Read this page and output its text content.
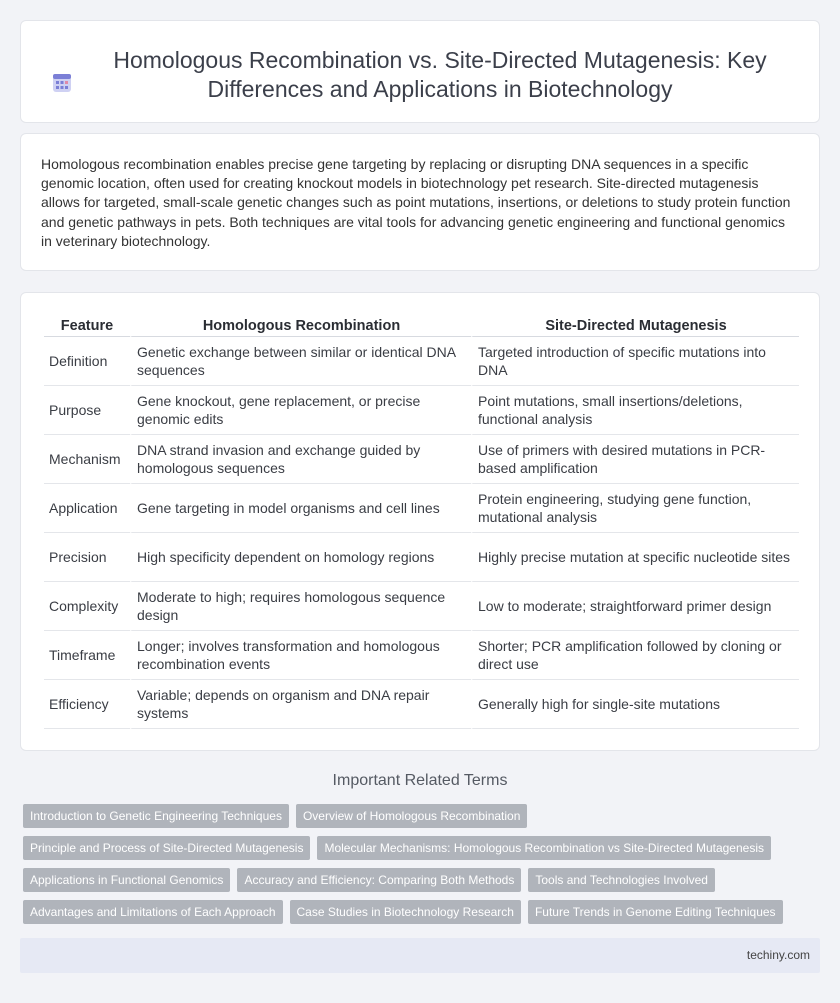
Homologous Recombination vs. Site-Directed Mutagenesis: Key Differences and Applications in Biotechnology

Homologous recombination enables precise gene targeting by replacing or disrupting DNA sequences in a specific genomic location, often used for creating knockout models in biotechnology pet research. Site-directed mutagenesis allows for targeted, small-scale genetic changes such as point mutations, insertions, or deletions to study protein function and genetic pathways in pets. Both techniques are vital tools for advancing genetic engineering and functional genomics in veterinary biotechnology.

Feature	Homologous Recombination	Site-Directed Mutagenesis
Definition	Genetic exchange between similar or identical DNA sequences	Targeted introduction of specific mutations into DNA
Purpose	Gene knockout, gene replacement, or precise genomic edits	Point mutations, small insertions/deletions, functional analysis
Mechanism	DNA strand invasion and exchange guided by homologous sequences	Use of primers with desired mutations in PCR-based amplification
Application	Gene targeting in model organisms and cell lines	Protein engineering, studying gene function, mutational analysis
Precision	High specificity dependent on homology regions	Highly precise mutation at specific nucleotide sites
Complexity	Moderate to high; requires homologous sequence design	Low to moderate; straightforward primer design
Timeframe	Longer; involves transformation and homologous recombination events	Shorter; PCR amplification followed by cloning or direct use
Efficiency	Variable; depends on organism and DNA repair systems	Generally high for single-site mutations
Important Related Terms
Introduction to Genetic Engineering Techniques	Overview of Homologous Recombination
Principle and Process of Site-Directed Mutagenesis	Molecular Mechanisms: Homologous Recombination vs Site-Directed Mutagenesis
Applications in Functional Genomics	Accuracy and Efficiency: Comparing Both Methods	Tools and Technologies Involved
Advantages and Limitations of Each Approach	Case Studies in Biotechnology Research	Future Trends in Genome Editing Techniques
techiny.com
